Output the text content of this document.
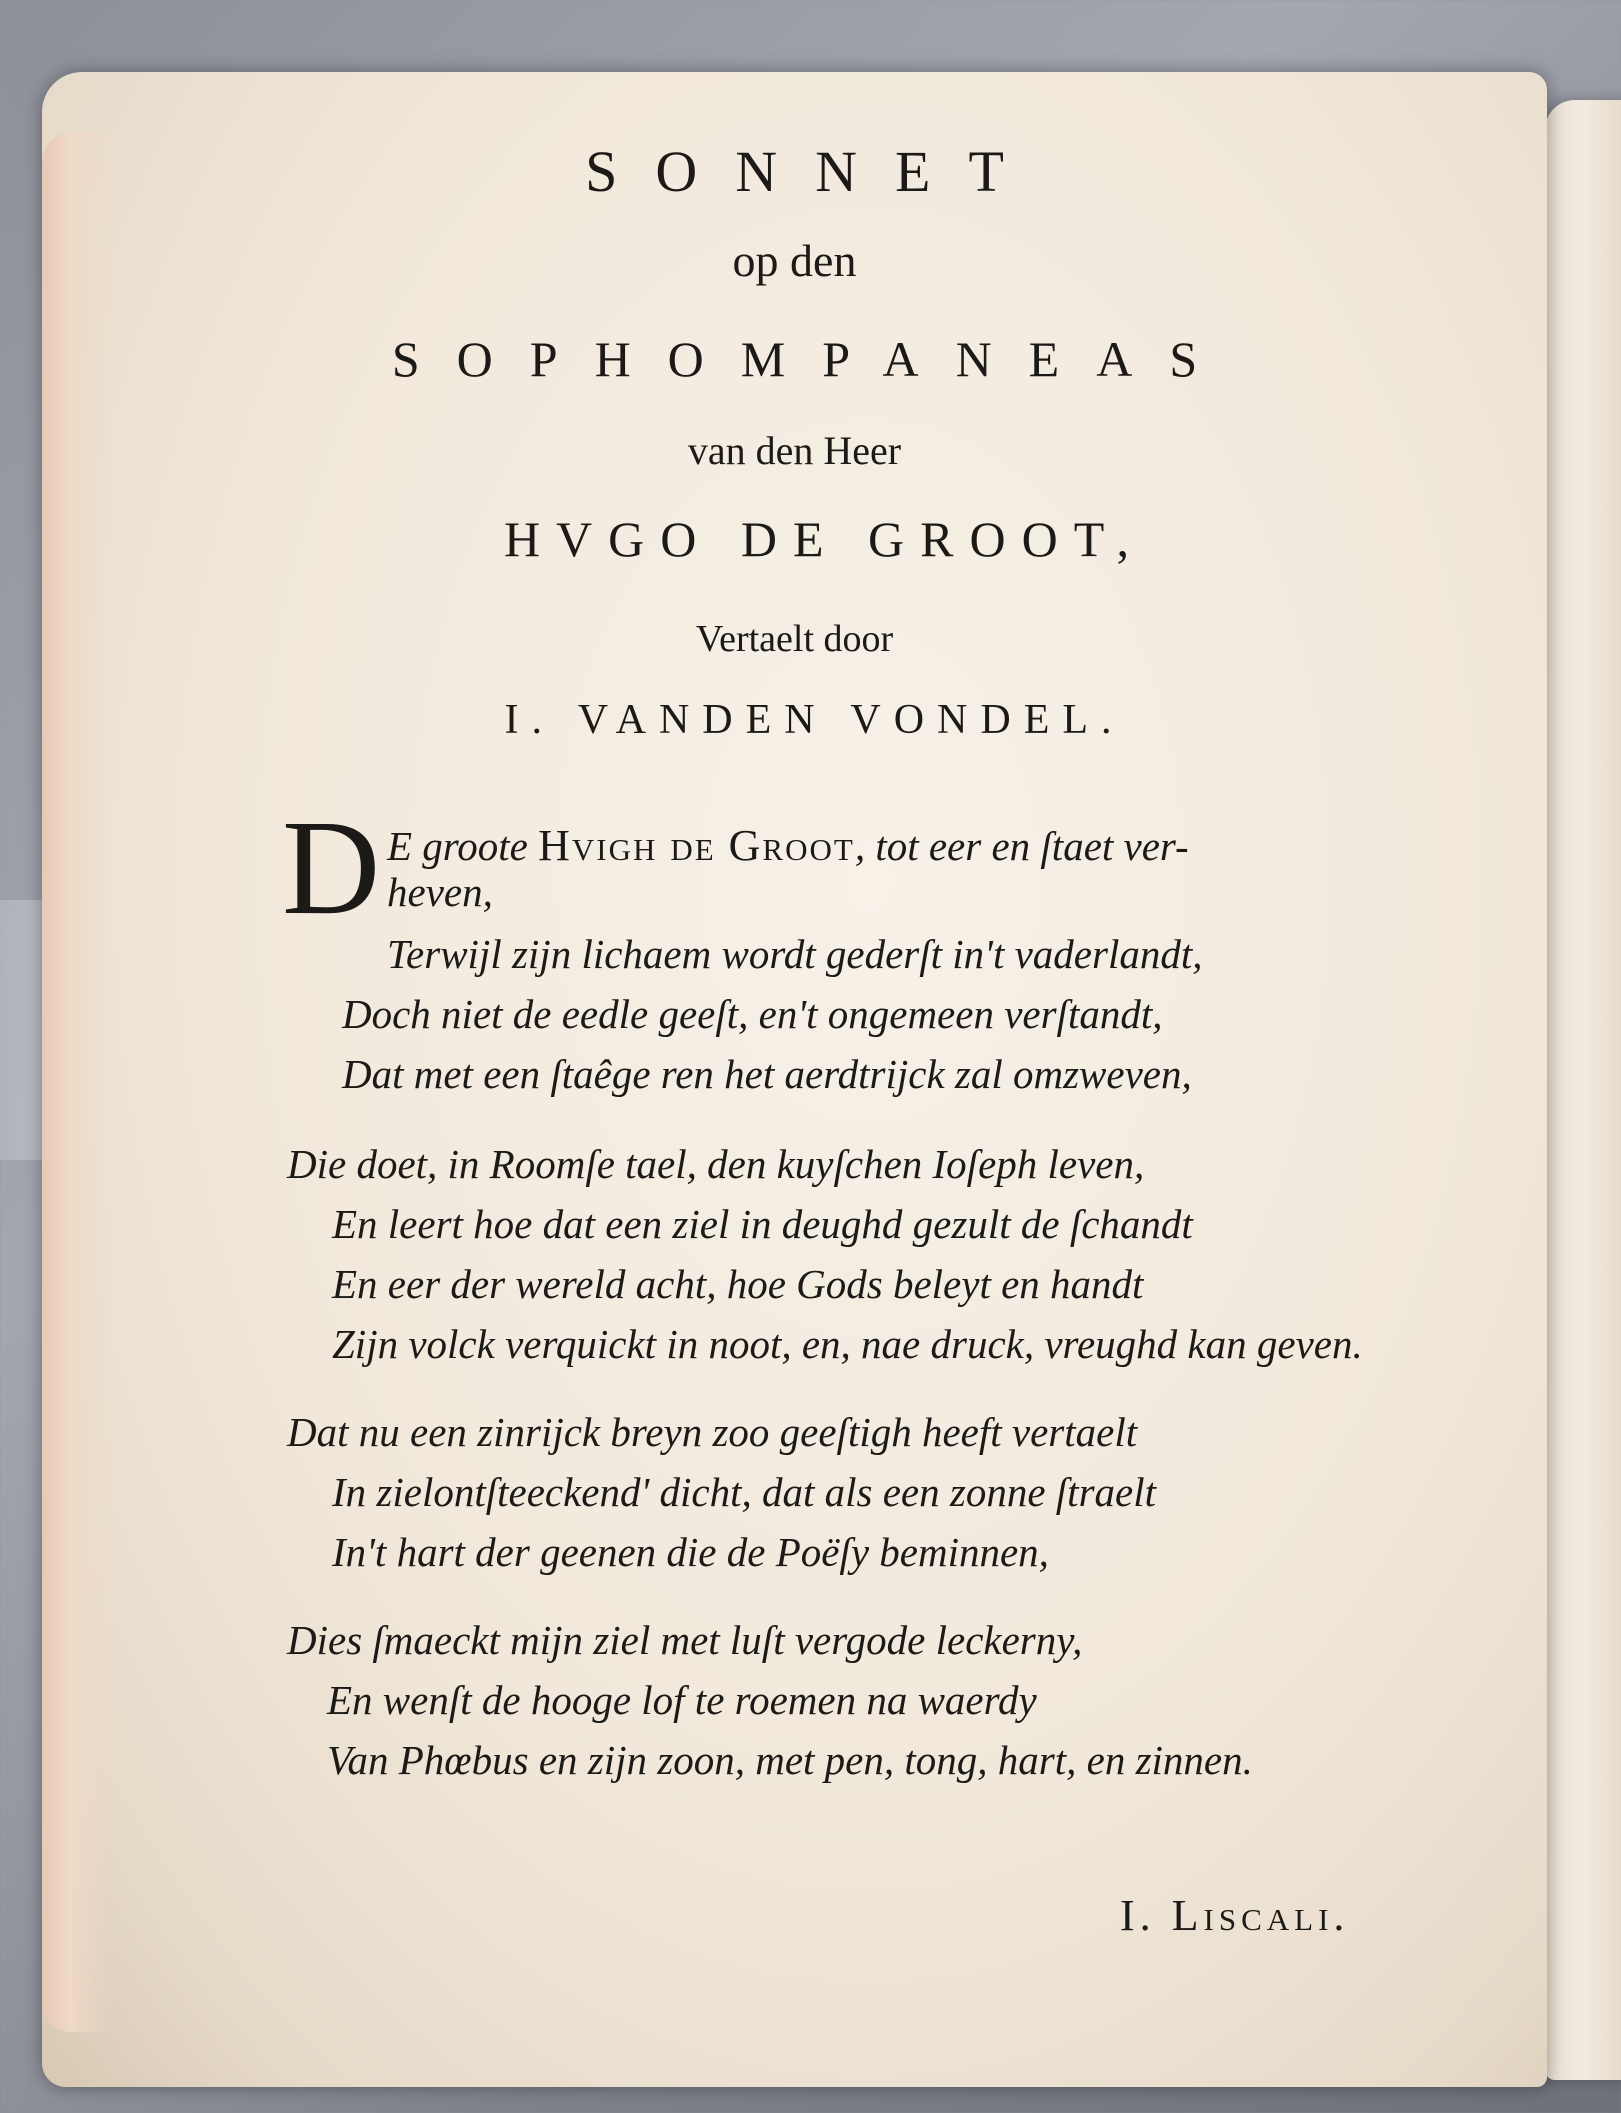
SONNET
op den
SOPHOMPANEAS
van den Heer
HVGO DE GROOT,
Vertaelt door
I. VANDEN VONDEL.
D E groote Hvigh de Groot, tot eer en ſtaet ver-
heven,
Terwijl zijn lichaem wordt gederſt in't vaderlandt,
Doch niet de eedle geeſt, en't ongemeen verſtandt,
Dat met een ſtaêge ren het aerdtrijck zal omzweven,
Die doet, in Roomſe tael, den kuyſchen Ioſeph leven,
En leert hoe dat een ziel in deughd gezult de ſchandt
En eer der wereld acht, hoe Gods beleyt en handt
Zijn volck verquickt in noot, en, nae druck, vreughd kan geven.
Dat nu een zinrijck breyn zoo geeſtigh heeft vertaelt
In zielontſteeckend' dicht, dat als een zonne ſtraelt
In't hart der geenen die de Poëſy beminnen,
Dies ſmaeckt mijn ziel met luſt vergode leckerny,
En wenſt de hooge lof te roemen na waerdy
Van Phœbus en zijn zoon, met pen, tong, hart, en zinnen.
I. Liscali.
